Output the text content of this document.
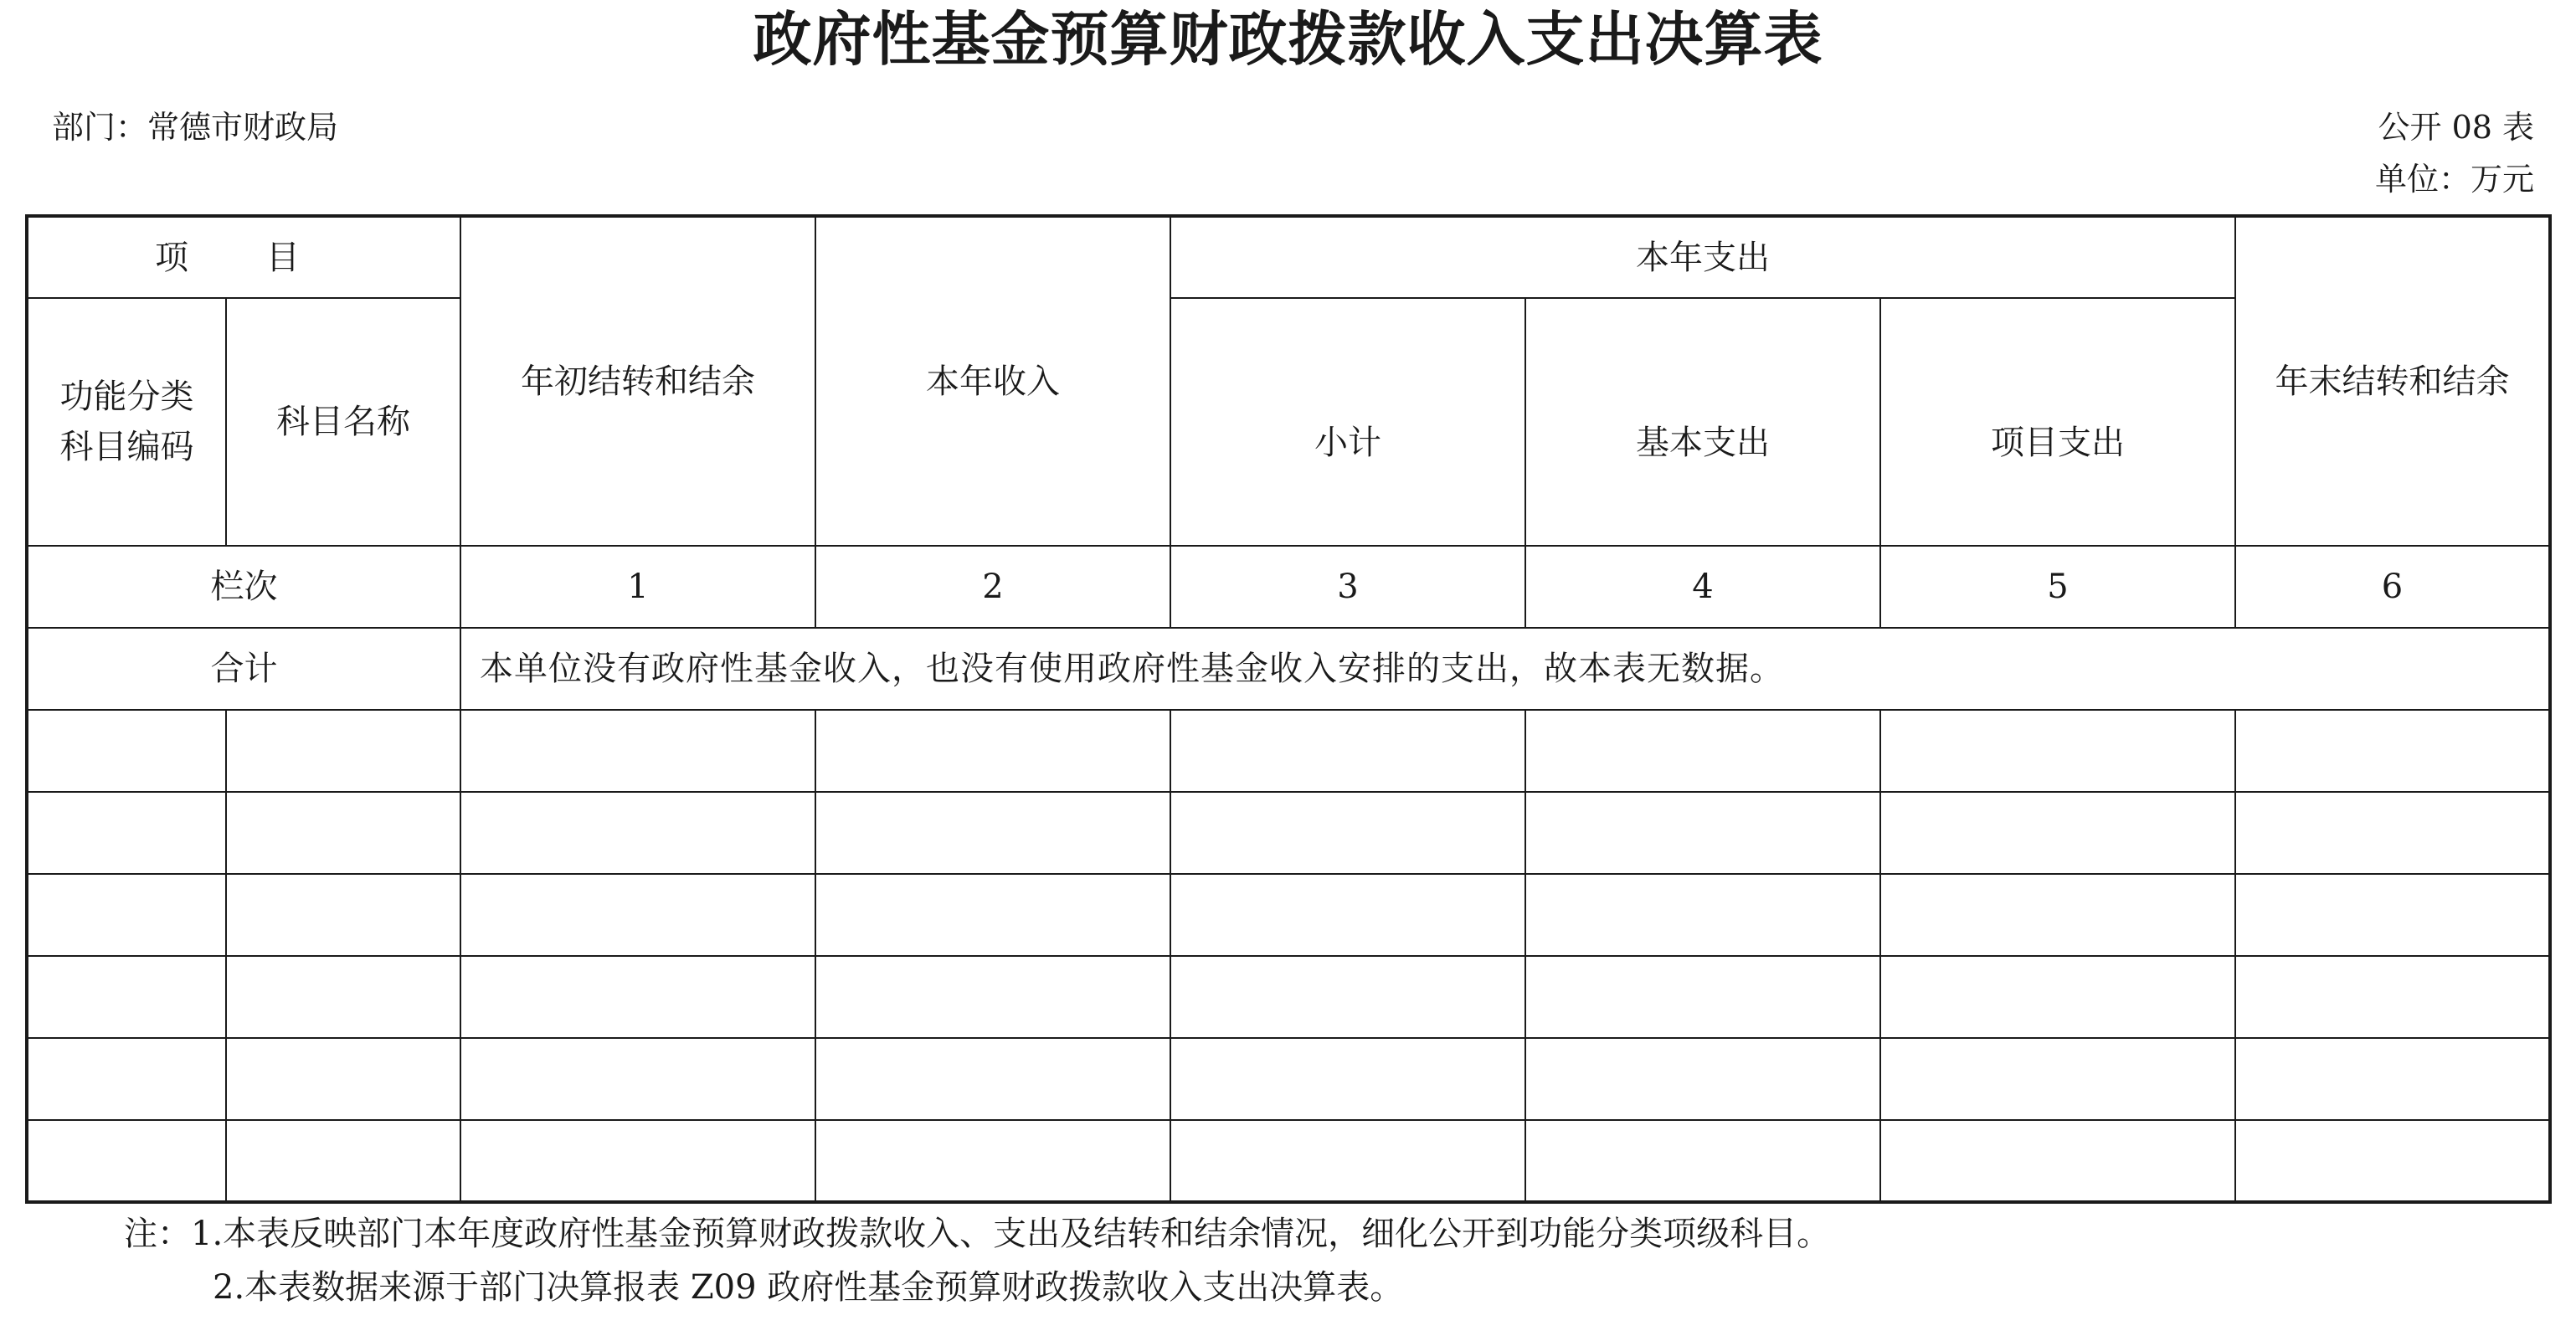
政府性基金预算财政拨款收入支出决算表
部门：常德市财政局	公开 08 表
单位：万元
项 目		年初结转和结余	本年收入	本年支出			年末结转和结余

功能分类
科目编码	科目名称			小计	基本支出	项目支出	
栏次		1	2	3	4	5	6
合计		本单位没有政府性基金收入，也没有使用政府性基金收入安排的支出，故本表无数据。					

注：1.本表反映部门本年度政府性基金预算财政拨款收入、支出及结转和结余情况，细化公开到功能分类项级科目。
2.本表数据来源于部门决算报表 Z09 政府性基金预算财政拨款收入支出决算表。
